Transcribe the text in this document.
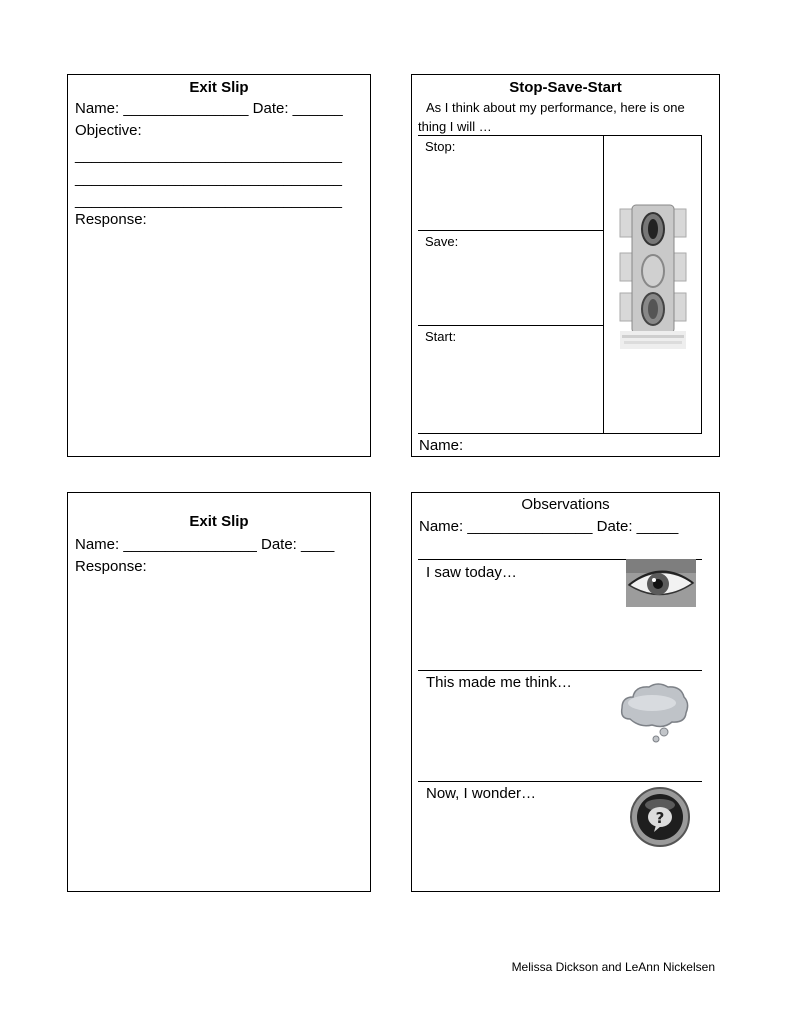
Exit Slip
Name: _______________ Date: ______
Objective:
________________________________
________________________________
________________________________
Response:
Stop-Save-Start
As I think about my performance, here is one
thing I will …
Stop:
Save:
Start:
Name:
Exit Slip
Name: ________________ Date: ____
Response:
Observations
Name: _______________ Date: _____
I saw today…
This made me think…
Now, I wonder…
?
Melissa Dickson and LeAnn Nickelsen
